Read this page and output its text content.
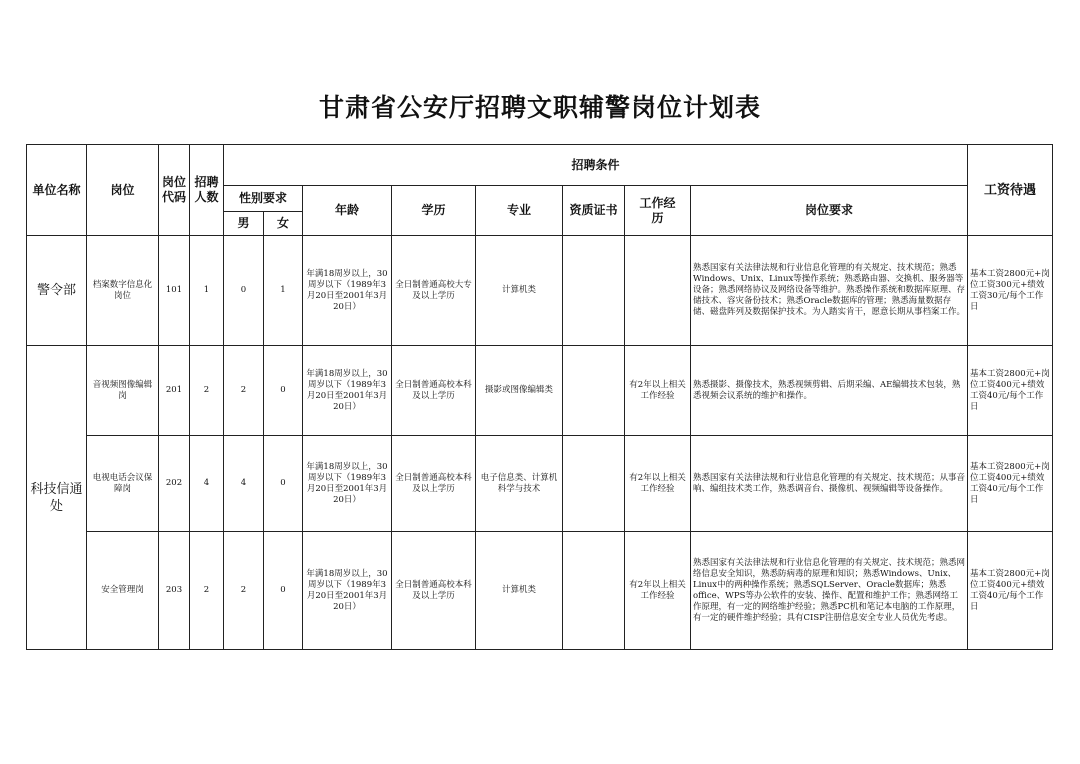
甘肃省公安厅招聘文职辅警岗位计划表
单位名称	岗位	岗位代码	招聘人数	招聘条件								工资待遇
				性别要求		年龄	学历	专业	资质证书	工作经历	岗位要求	
				男	女							
警令部	档案数字信息化岗位	101	1	0	1	年满18周岁以上，30周岁以下（1989年3月20日至2001年3月20日）	全日制普通高校大专及以上学历	计算机类			熟悉国家有关法律法规和行业信息化管理的有关规定、技术规范；熟悉Windows、Unix、Linux等操作系统；熟悉路由器、交换机、服务器等设备；熟悉网络协议及网络设备等维护。熟悉操作系统和数据库原理、存储技术、容灾备份技术；熟悉Oracle数据库的管理；熟悉海量数据存储、磁盘阵列及数据保护技术。为人踏实肯干，愿意长期从事档案工作。	基本工资2800元+岗位工资300元+绩效工资30元/每个工作日
科技信通处	音视频图像编辑岗	201	2	2	0	年满18周岁以上，30周岁以下（1989年3月20日至2001年3月20日）	全日制普通高校本科及以上学历	摄影或图像编辑类		有2年以上相关工作经验	熟悉摄影、摄像技术，熟悉视频剪辑、后期采编、AE编辑技术包装，熟悉视频会议系统的维护和操作。	基本工资2800元+岗位工资400元+绩效工资40元/每个工作日
	电视电话会议保障岗	202	4	4	0	年满18周岁以上，30周岁以下（1989年3月20日至2001年3月20日）	全日制普通高校本科及以上学历	电子信息类、计算机科学与技术		有2年以上相关工作经验	熟悉国家有关法律法规和行业信息化管理的有关规定、技术规范；从事音响、编组技术类工作，熟悉调音台、摄像机、视频编辑等设备操作。	基本工资2800元+岗位工资400元+绩效工资40元/每个工作日
	安全管理岗	203	2	2	0	年满18周岁以上，30周岁以下（1989年3月20日至2001年3月20日）	全日制普通高校本科及以上学历	计算机类		有2年以上相关工作经验	熟悉国家有关法律法规和行业信息化管理的有关规定、技术规范；熟悉网络信息安全知识，熟悉防病毒的原理和知识；熟悉Windows、Unix、Linux中的两种操作系统；熟悉SQLServer、Oracle数据库；熟悉office、WPS等办公软件的安装、操作、配置和维护工作；熟悉网络工作原理，有一定的网络维护经验；熟悉PC机和笔记本电脑的工作原理，有一定的硬件维护经验；具有CISP注册信息安全专业人员优先考虑。	基本工资2800元+岗位工资400元+绩效工资40元/每个工作日
